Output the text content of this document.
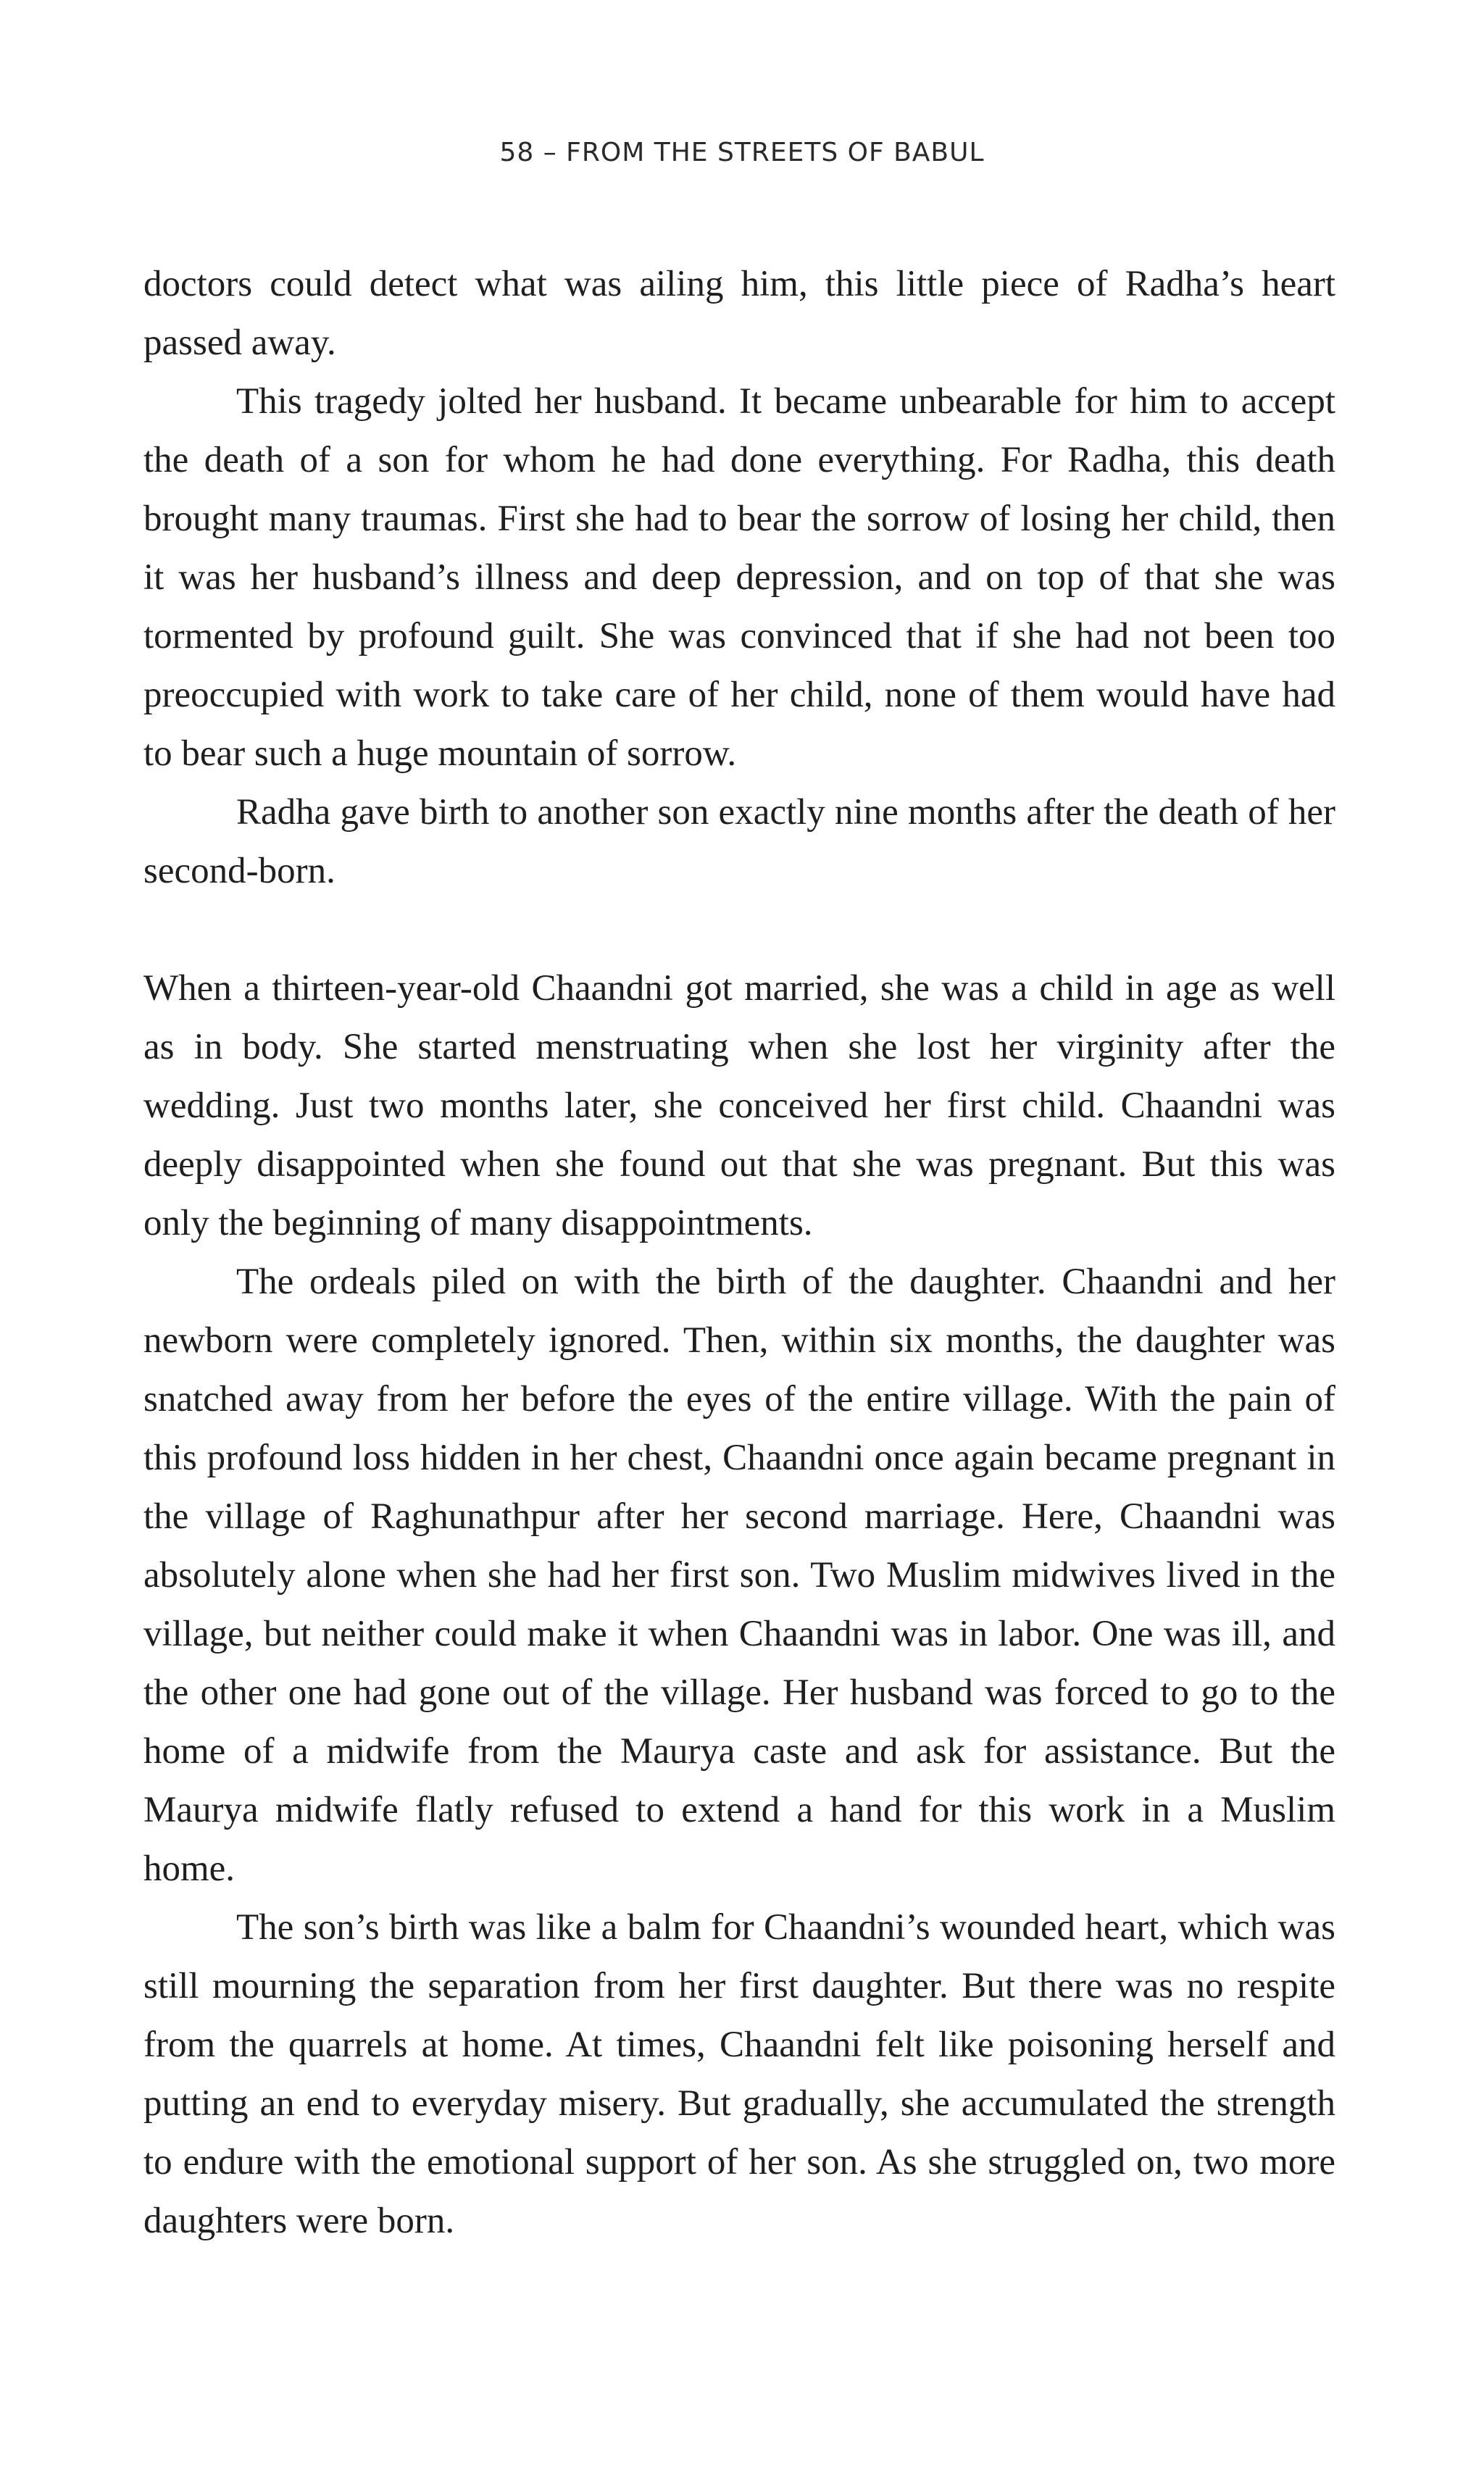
58 – FROM THE STREETS OF BABUL

doctors could detect what was ailing him, this little piece of Radha’s heart passed away.

This tragedy jolted her husband. It became unbearable for him to accept the death of a son for whom he had done everything. For Radha, this death brought many traumas. First she had to bear the sorrow of losing her child, then it was her husband’s illness and deep depression, and on top of that she was tormented by profound guilt. She was convinced that if she had not been too preoccupied with work to take care of her child, none of them would have had to bear such a huge mountain of sorrow.

Radha gave birth to another son exactly nine months after the death of her second-born.

When a thirteen-year-old Chaandni got married, she was a child in age as well as in body. She started menstruating when she lost her virginity after the wedding. Just two months later, she conceived her first child. Chaandni was deeply disappointed when she found out that she was pregnant. But this was only the beginning of many disappointments.

The ordeals piled on with the birth of the daughter. Chaandni and her newborn were completely ignored. Then, within six months, the daughter was snatched away from her before the eyes of the entire village. With the pain of this profound loss hidden in her chest, Chaandni once again became pregnant in the village of Raghunathpur after her second marriage. Here, Chaandni was absolutely alone when she had her first son. Two Muslim midwives lived in the village, but neither could make it when Chaandni was in labor. One was ill, and the other one had gone out of the village. Her husband was forced to go to the home of a midwife from the Maurya caste and ask for assistance. But the Maurya midwife flatly refused to extend a hand for this work in a Muslim home.

The son’s birth was like a balm for Chaandni’s wounded heart, which was still mourning the separation from her first daughter. But there was no respite from the quarrels at home. At times, Chaandni felt like poisoning herself and putting an end to everyday misery. But gradually, she accumulated the strength to endure with the emotional support of her son. As she struggled on, two more daughters were born.
